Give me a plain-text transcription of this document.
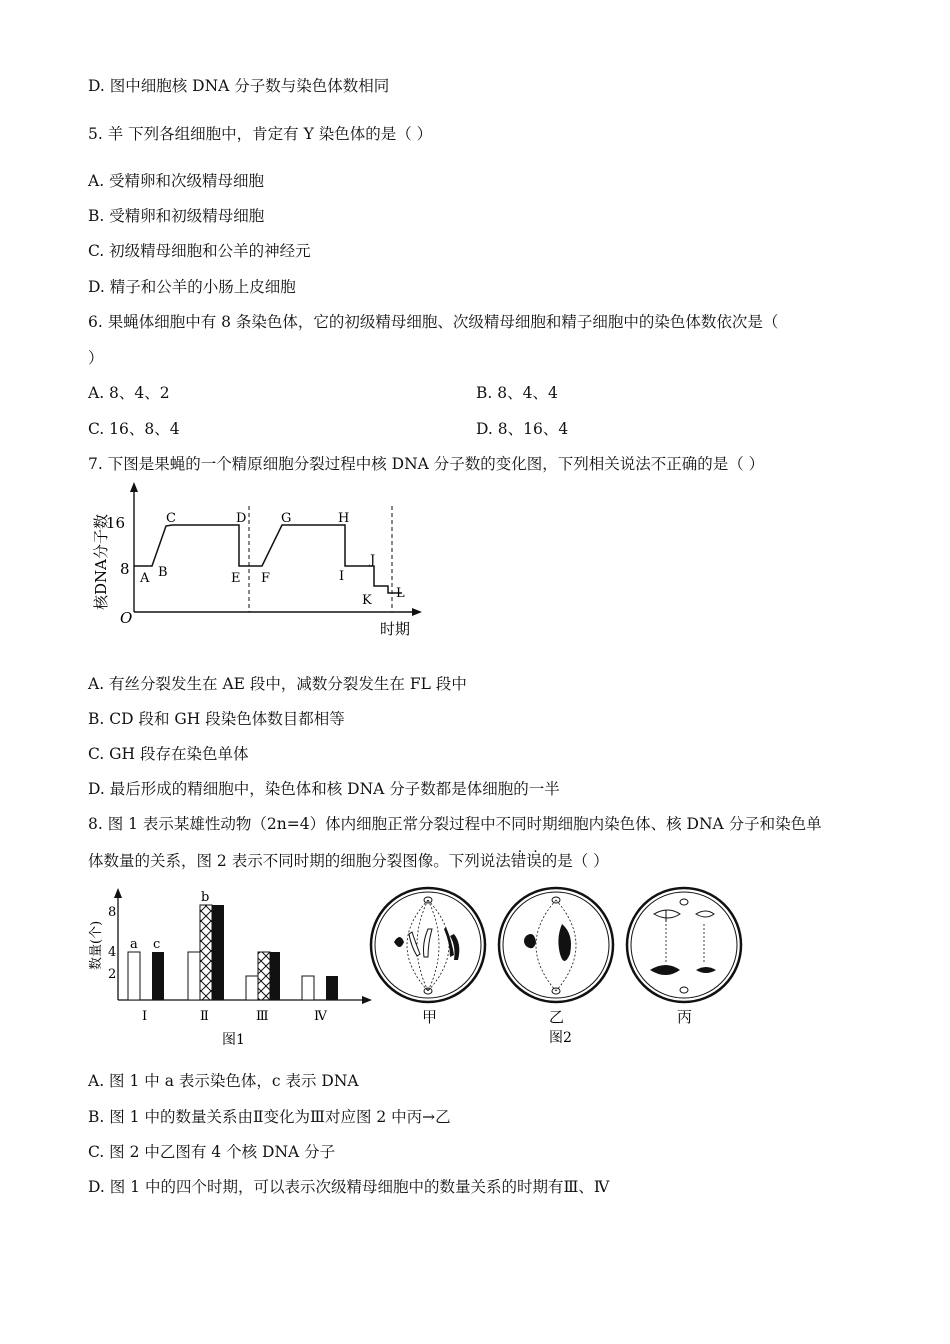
D. 图中细胞核 DNA 分子数与染色体数相同
5. 羊 下列各组细胞中，肯定有 Y 染色体的是（ ）
A. 受精卵和次级精母细胞
B. 受精卵和初级精母细胞
C. 初级精母细胞和公羊的神经元
D. 精子和公羊的小肠上皮细胞
6. 果蝇体细胞中有 8 条染色体，它的初级精母细胞、次级精母细胞和精子细胞中的染色体数依次是（
）
A. 8、4、2	B. 8、4、4
C. 16、8、4	D. 8、16、4
7. 下图是果蝇的一个精原细胞分裂过程中核 DNA 分子数的变化图，下列相关说法不正确的是（ ）
16
8
O
时期
核DNA分子数 A B
C	D
E F
G	H
I
J
K L
A. 有丝分裂发生在 AE 段中，减数分裂发生在 FL 段中
B. CD 段和 GH 段染色体数目都相等
C. GH 段存在染色单体
D. 最后形成的精细胞中，染色体和核 DNA 分子数都是体细胞的一半
8. 图 1 表示某雄性动物（2n=4）体内细胞正常分裂过程中不同时期细胞内染色体、核 DNA 分子和染色单
体数量的关系，图 2 表示不同时期的细胞分裂图像。下列说法错误的是（ ）
8
4
2
数量(个) a c
b
Ⅰ	Ⅱ	Ⅲ	Ⅳ
图1
甲	乙	丙
图2
A. 图 1 中 a 表示染色体，c 表示 DNA
B. 图 1 中的数量关系由Ⅱ变化为Ⅲ对应图 2 中丙→乙
C. 图 2 中乙图有 4 个核 DNA 分子
D. 图 1 中的四个时期，可以表示次级精母细胞中的数量关系的时期有Ⅲ、Ⅳ
